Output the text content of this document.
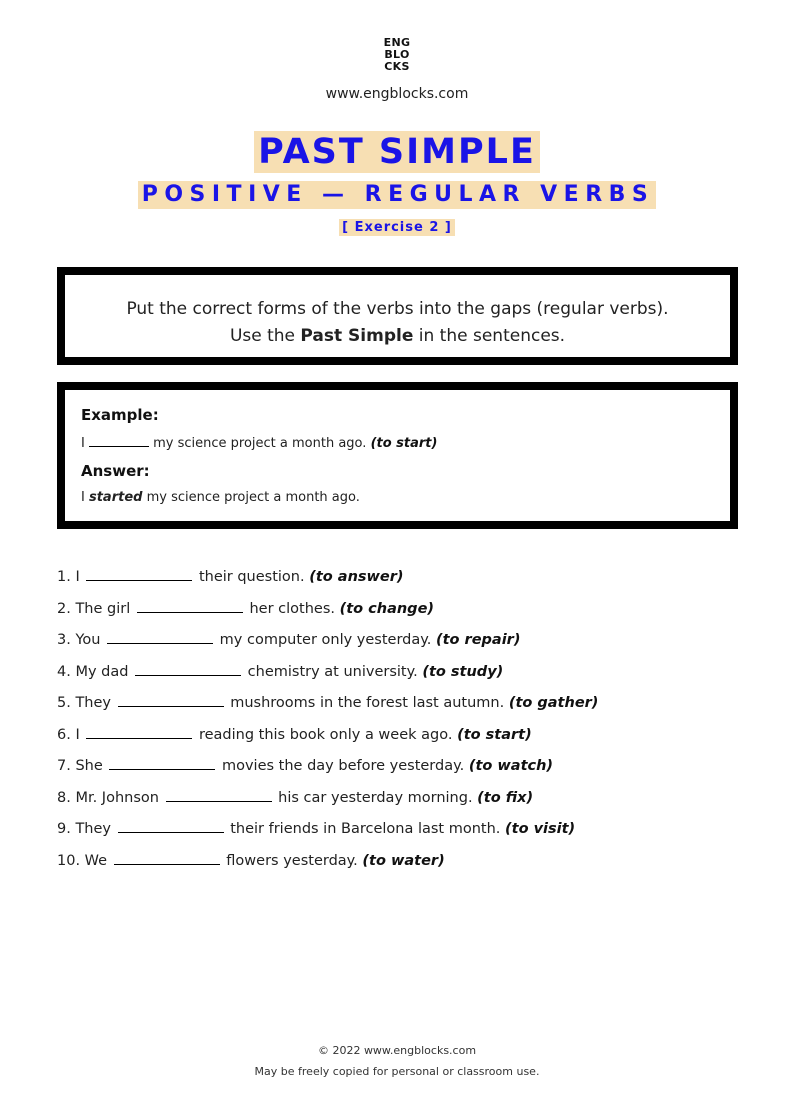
ENG
BLO
CKS
www.engblocks.com
PAST SIMPLE
POSITIVE — REGULAR VERBS
[ Exercise 2 ]
Put the correct forms of the verbs into the gaps (regular verbs).
Use the Past Simple in the sentences.
Example:
I	my science project a month ago. (to start)
Answer:
I started my science project a month ago.
1. I	their question. (to answer)
2. The girl	her clothes. (to change)
3. You	my computer only yesterday. (to repair)
4. My dad	chemistry at university. (to study)
5. They	mushrooms in the forest last autumn. (to gather)
6. I	reading this book only a week ago. (to start)
7. She	movies the day before yesterday. (to watch)
8. Mr. Johnson	his car yesterday morning. (to fix)
9. They	their friends in Barcelona last month. (to visit)
10. We	flowers yesterday. (to water)
© 2022 www.engblocks.com
May be freely copied for personal or classroom use.
